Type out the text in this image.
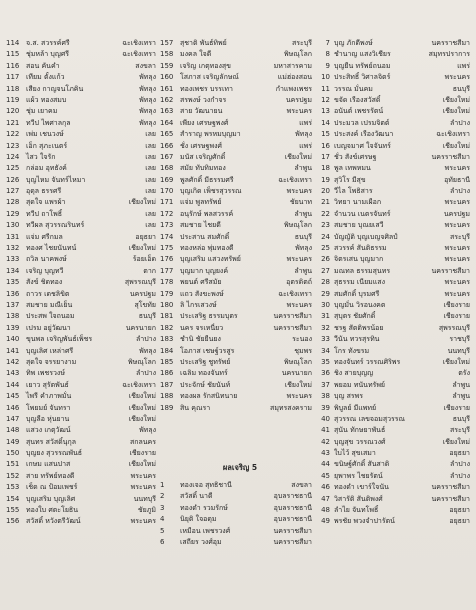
114 จ.ส. สวรรค์ศรี	ฉะเชิงเทรา
115 ชุ่มหล้า บุญศรี	ฉะเชิงเทรา
116 สอน คันคำ	สงขลา
117 เทียม ตั้งแก้ว	พัทลุง
118 เสียง กาญจนโภคิน	พัทลุง
119 แผ้ว ทองสมบ	พัทลุง
120 ชุ่ม เยาคม	พัทลุง
121 ทวีป ไพศาลกุล	พัทลุง
122 เพ่ม เชนวงษ์	เลย
123 เอ็ก สุภะเนตร์	เลย
124 ไสว ใจรัก	เลย
125 กล่อม อุทธังค์	เลย
126 บุญไหม จันทร์ไหมา	เลย
127 อุดุล ธรรศรี	เลย
128 สุดใจ แพรผ้า	เชียงใหม่
129 ทวีป ถาโพธิ์	เลย
130 ทวีผล สุวรรณรินทร์	เลย
131 แจ่ม ศรีกมล	อยุธยา
132 ทองศ ไชยนันทน์	เชียงใหม่
133 ถวิล นาคพงษ์	ร้อยเอ็ด
134 เจริญ บุญทวี	ตาก
135 สังข์ ชิดทอง	สุพรรณบุรี
136 ถาวร เดชลิขิต	นครปฐม
137 สมชาย มณีเย็น	สุโขทัย
138 ประสพ ใจถนอม	ธนบุรี
139 เปรม อยู่วัฒนา	นครนายก
140 ขุนพล เจริญพันธ์เพ็ชร	ลำปาง
141 บุญเลิศ เหล่าศรี	พัทลุง
142 สุดใจ จรรยางาม	พิษณุโลก
143 ทิพ เพชรวงษ์	ลำปาง
144 เยาว สุรัตพันธ์	ฉะเชิงเทรา
145 ไพรี คำภาพมั่น	เชียงใหม่
146 โพยมย์ จันทรา	เชียงใหม่
147 บุญลือ หุ่นยาน	เชียงใหม่
148 แสวง เกตุวัฒน์	พัทลุง
149 สุนทร สวัสดิ์นุกุล	สกลนคร
150 บุญยง สุวรรณพันธ์	เชียงราย
151 เกษม แสนปาส	เชียงใหม่
152 สาย ทรัพย์ทองดี	พระนคร
153 เช็ด ณ ป้อมเพชร์	พระนคร
154 บุญเสริม บุญเลิศ	นนทบุรี
155 ทองใบ ศตะโยธิน	ชัยภูมิ
156 สวัสดิ์ หวังตรีวัฒน์	พระนคร
157 สุชาติ พันธ์ทิพย์	สระบุรี
158 มงคล ใจดี	พิษณุโลก
159 เจริญ เกตุทองสุข	มหาสารคาม
160 โสภาส เจริญลักษณ์	แม่ฮ่องสอน
161 ทองเพชร บรรเทา	กำแพงเพชร
162 สรพงษ์ วงกำจร	นครปฐม
163 สาย วัฒนายน	พระนคร
164 เพียง เศรษฐพงศ์	แพร่
165 สำราญ พรหมบุญมา	พัทลุง
166 ชั่ง เศรษฐพงศ์	แพร่
167 มนัส เจริญศักดิ์	เชียงใหม่
168 สมัย ทับทิมทอง	ลำพูน
169 พูลศักดิ์ มีธรรมศรี	ฉะเชิงเทรา
170 บุญเกิด เพ็ชรสุวรรณ	พระนคร
171 แจ่ม พูลทรัพย์	ชัยนาท
172 อนุรักษ์ พลสวรรค์	ลำพูน
173 สมชาย ไชยดี	พิษณุโลก
174 ประสาน สมศักดิ์	ธนบุรี
175 ทองหล่อ พุ่มทองดี	พัทลุง
176 บุญเสริม แสวงทรัพย์	พระนคร
177 บุญมาก บุญยงค์	ลำพูน
178 พยนต์ ศรีสมัย	อุตรดิตถ์
179 แถว สังขะพงษ์	ฉะเชิงเทรา
180 ลิ ไกรเสวงษ์	พระนคร
181 ประเสริฐ ธรรมบุตร	นครราชสีมา
182 นคร จรเหนี่ยว	นครราชสีมา
183 ชำนิ ชัยยืนยง	ระนอง
184 โอภาส เชษฐ์วรสูร	ชุมพร
185 ประเสริฐ ชูทรัพย์	พิษณุโลก
186 เฉลิม ทองจันทร์	นครนายก
187 ประจักษ์ ชัยนันท์	เชียงใหม่
188 ทองผล รักสนิทนาย	พระนคร
189 สิน คุณรา	สมุทรสงคราม
7 บุญ ภักดีพงษ์	นครราชสีมา
8 ชำนาญ แสงวิเชียร	สมุทรปราการ
9 บุญยืน ทรัพย์ถนอม	แพร่
10 ประสิทธิ์ วิศาลจิตร์	พระนคร
11 วรรณ มั่นคม	ธนบุรี
12 ขจัด เรืองสวัสดิ์	เชียงใหม่
13 อนันต์ เพชรรัตน์	เชียงใหม่
14 ประมวล เปรมจิตต์	ลำปาง
15 ประสงค์ เรืองวัฒนา	ฉะเชิงเทรา
16 เบญจมาศ ใจจันทร์	เชียงใหม่
17 ชั่ว สังข์เศรษฐ	นครราชสีมา
18 พูล เทพหมน	พระนคร
19 สุวิโร มีสุข	อุทัยธานี
20 วีไล โพธิสาร	ลำปาง
21 วิทยา นามเผือก	พระนคร
22 จำนวน เนตรจันทร์	นครปฐม
23 สมชาย บุณยเสวี	พระนคร
24 บัญญัติ บุญเบญจศิลป์	สระบุรี
25 สวรรค์ สันติธรรม	พระนคร
26 จิตรเสน บุญมาก	พระนคร
27 มณทล ธรรมสุนทร	นครราชสีมา
28 สุธรรม เนียมแสง	พระนคร
29 สมศักดิ์ บุรมศรี	พระนคร
30 บุญมั่น วิรอนงคต	เชียงราย
31 สุบุตร ชัยศักดิ์	เชียงราย
32 ชรฐ สัตติพรน้อย	สุพรรณบุรี
33 วีนัน ทวรสุรทิน	ราชบุรี
34 โกร ทังขรม	นนทบุรี
35 ทองจันทร์ วรรณศิริพร	เชียงใหม่
36 ชิง สายบุญญ	ตรัง
37 พยอม ทนันทรัพย์	ลำพูน
38 บุญ สรพร	ลำพูน
39 พิบูลย์ มีแพทย์	เชียงราย
40 สุวรรณ เลขจอมสุวรรณ	ธนบุรี
41 สุนัน ทักษยาพันธ์	สระบุรี
42 บุญสุข วรรณวงศ์	เชียงใหม่
43 ใบไว้ สุขเสมา	อยุธยา
44 ขนิษฐ์ศักดิ์ สันสาดิ	ลำปาง
45 ยุพาพร ไชยรัตน์	ลำปาง
46 ทองดำ เขาร์ใจนัน	นครราชสีมา
47 วิสารัติ สันติพงศ์	นครราชสีมา
48 ลำไย จันทโพธิ์	อยุธยา
49 พรชัย พวงจำปารัตน์	อยุธยา
ผลเจริญ 5
1	ทองเจอ สุทธิชานี	สงขลา
2	สวัสดิ์ นาดี	อุบลราชธานี
3	ทองดำ รวมรักษ์	อุบลราชธานี
4	นิยุติ ใจอดุม	อุบลราชธานี
5	เหมือน เพชรวงศ์	นครราชสีมา
6	เสถียร วงศ์อุม	นครราชสีมา
